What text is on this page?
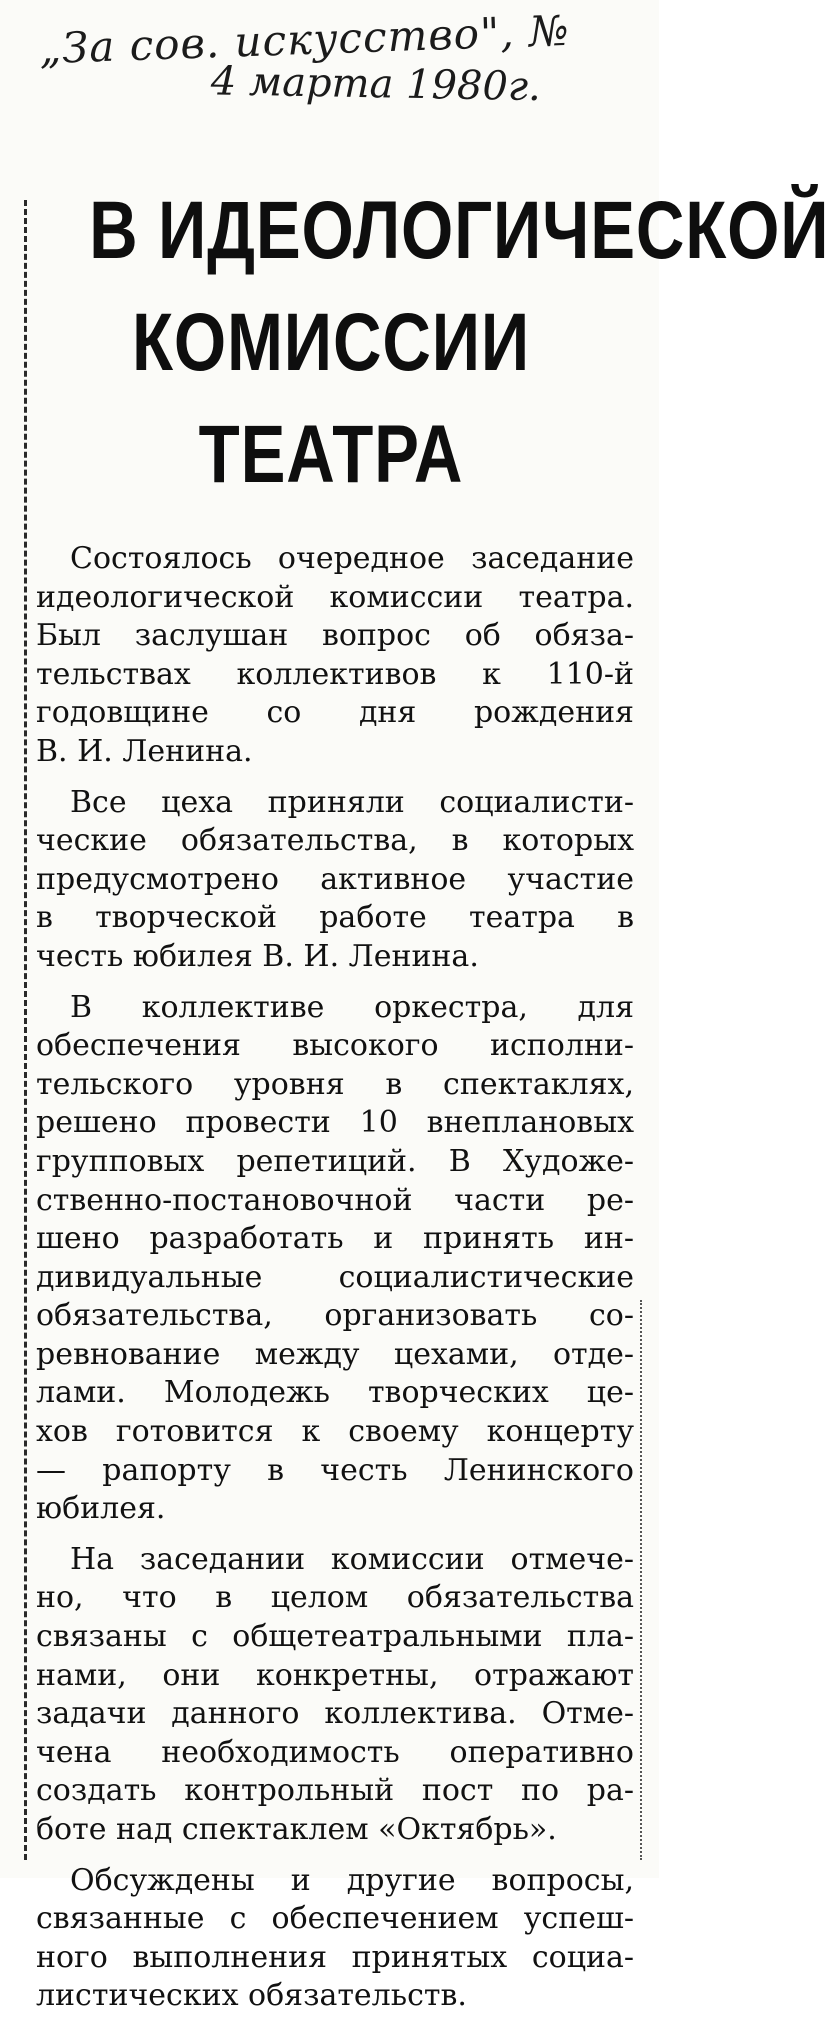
„За сов. искусство", №
4 марта 1980г.
В ИДЕОЛОГИЧЕСКОЙ
КОМИССИИ
ТЕАТРА
Состоялось очередное заседание
идеологической комиссии театра.
Был заслушан вопрос об обяза-
тельствах коллективов к 110-й
годовщине со дня рождения
В. И. Ленина.
Все цеха приняли социалисти-
ческие обязательства, в которых
предусмотрено активное участие
в творческой работе театра в
честь юбилея В. И. Ленина.
В коллективе оркестра, для
обеспечения высокого исполни-
тельского уровня в спектаклях,
решено провести 10 внеплановых
групповых репетиций. В Художе-
ственно-постановочной части ре-
шено разработать и принять ин-
дивидуальные социалистические
обязательства, организовать со-
ревнование между цехами, отде-
лами. Молодежь творческих це-
хов готовится к своему концерту
— рапорту в честь Ленинского
юбилея.
На заседании комиссии отмече-
но, что в целом обязательства
связаны с общетеатральными пла-
нами, они конкретны, отражают
задачи данного коллектива. Отме-
чена необходимость оперативно
создать контрольный пост по ра-
боте над спектаклем «Октябрь».
Обсуждены и другие вопросы,
связанные с обеспечением успеш-
ного выполнения принятых социа-
листических обязательств.
